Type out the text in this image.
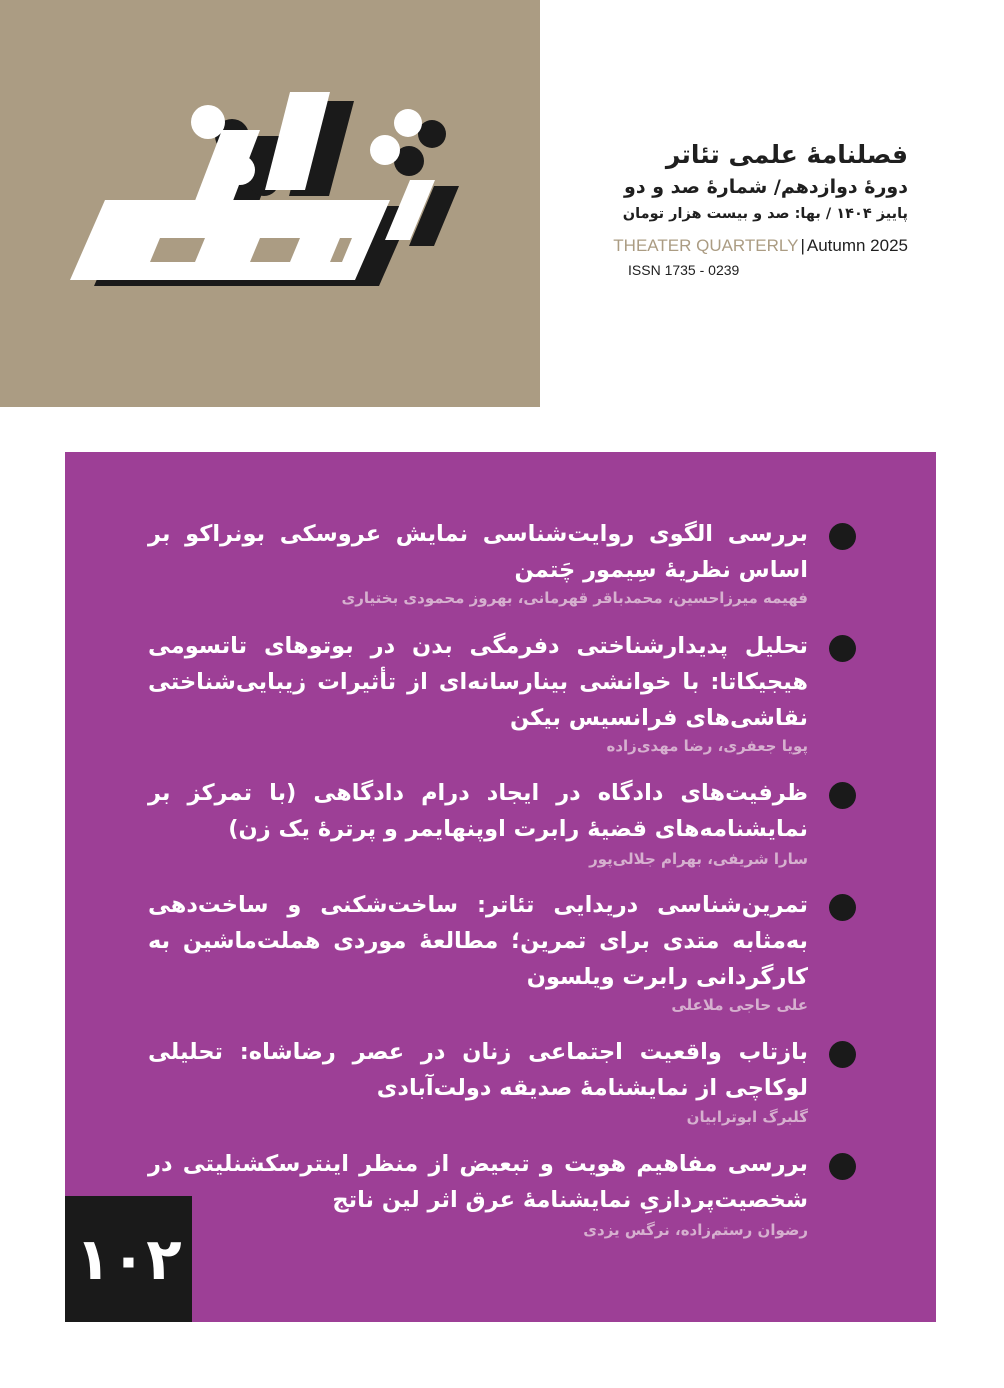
فصلنامهٔ علمی تئاتر
دورهٔ دوازدهم/ شمارهٔ صد و دو
پاییز ۱۴۰۴ / بها: صد و بیست هزار تومان
THEATER QUARTERLY | Autumn 2025
ISSN 1735 - 0239
بررسی الگوی روایت‌شناسی نمایش عروسکی بونراکو بر اساس نظریهٔ سِیمور چَتمن
فهیمه میرزاحسین، محمدباقر قهرمانی، بهروز محمودی بختیاری
تحلیل پدیدارشناختی دفرمگی بدن در بوتوهای تاتسومی هیجیکاتا: با خوانشی بینارسانه‌ای از تأثیرات زیبایی‌شناختی نقاشی‌های فرانسیس بیکن
پویا جعفری، رضا مهدی‌زاده
ظرفیت‌های دادگاه در ایجاد درام دادگاهی (با تمرکز بر نمایشنامه‌های قضیهٔ رابرت اوپنهایمر و پرترهٔ یک زن)
سارا شریفی، بهرام جلالی‌پور
تمرین‌شناسی دریدایی تئاتر: ساخت‌شکنی و ساخت‌دهی به‌مثابه متدی برای تمرین؛ مطالعهٔ موردی هملت‌ماشین به کارگردانی رابرت ویلسون
علی حاجی ملاعلی
بازتاب واقعیت اجتماعی زنان در عصر رضاشاه: تحلیلی لوکاچی از نمایشنامهٔ صدیقه دولت‌آبادی
گلبرگ ابوترابیان
بررسی مفاهیم هویت و تبعیض از منظر اینترسکشنلیتی در شخصیت‌پردازیِ نمایشنامهٔ عرق اثر لین ناتج
رضوان رستم‌زاده، نرگس یزدی
۱۰۲
